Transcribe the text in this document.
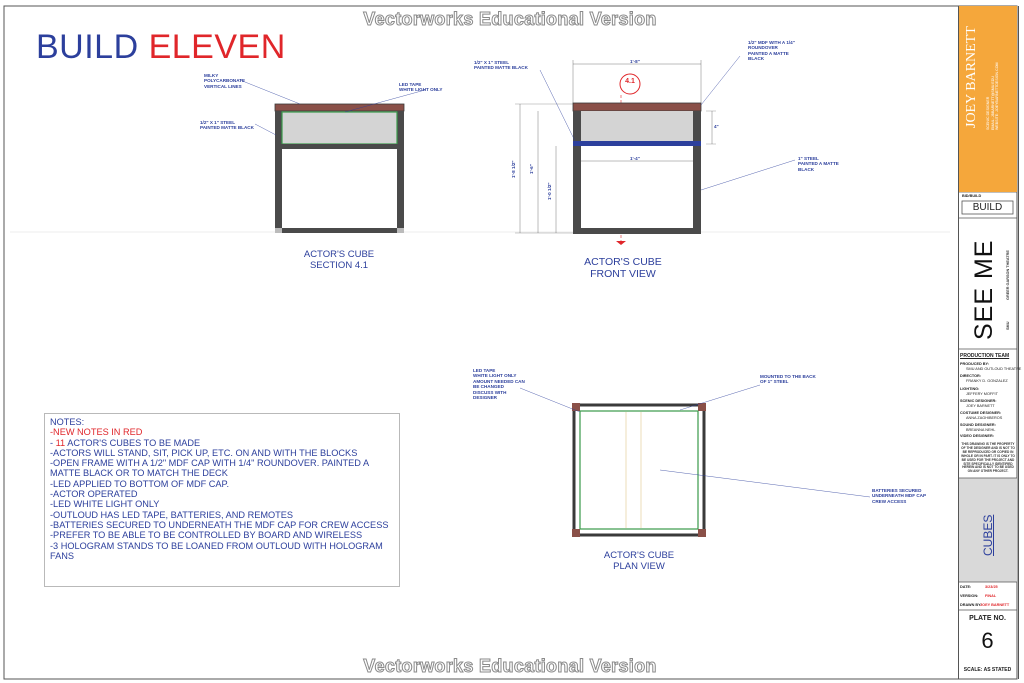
Vectorworks Educational Version
Vectorworks Educational Version
BUILD ELEVEN
MILKY
POLYCARBONATE
VERTICAL LINES	LED TAPE
WHITE LIGHT ONLY
1/2" X 1" STEEL
PAINTED MATTE BLACK
ACTOR'S CUBE
SECTION 4.1
1/2" X 1" STEEL
PAINTED MATTE BLACK
1/2" MDF WITH A 1/4"
ROUNDOVER
PAINTED A MATTE
BLACK
1" STEEL
PAINTED A MATTE
BLACK
4.1
1'-8"
1'-4"
4"
1'-8 1/2"	1'-6"
1'-0 1/2"
ACTOR'S CUBE
FRONT VIEW
LED TAPE
WHITE LIGHT ONLY
AMOUNT NEEDED CAN
BE CHANGED
DISCUSS WITH
DESIGNER
MOUNTED TO THE BACK
OF 1" STEEL
BATTERIES SECURED
UNDERNEATH MDF CAP
CREW ACCESS
ACTOR'S CUBE
PLAN VIEW
NOTES:
-NEW NOTES IN RED
- 11 ACTOR'S CUBES TO BE MADE
-ACTORS WILL STAND, SIT, PICK UP, ETC. ON AND WITH THE BLOCKS
-OPEN FRAME WITH A 1/2" MDF CAP WITH 1/4" ROUNDOVER. PAINTED A MATTE BLACK OR TO MATCH THE DECK
-LED APPLIED TO BOTTOM OF MDF CAP.
-ACTOR OPERATED
-LED WHITE LIGHT ONLY
-OUTLOUD HAS LED TAPE, BATTERIES, AND REMOTES
-BATTERIES SECURED TO UNDERNEATH THE MDF CAP FOR CREW ACCESS
-PREFER TO BE ABLE TO BE CONTROLLED BY BOARD AND WIRELESS
-3 HOLOGRAM STANDS TO BE LOANED FROM OUTLOUD WITH HOLOGRAM FANS
JOEY BARNETT SCENIC DESIGNER EMAIL: JBBARNETT@SMU.EDU WEBSITE: JOEYBARNETTDESIGN.COM
BID/BUILD
BUILD
SEE ME GREER GARSON THEATRE
SMU
PRODUCTION TEAM
PRODUCED BY:
SMU AND OUTLOUD THEATRE
DIRECTOR:
FRANKY D. GONZALEZ
LIGHTING:
JEFFERY MOFFIT
SCENIC DESIGNER:
JOEY BARNETT
COSTUME DESIGNER:
ANNA ZAGHIBEROS
SOUND DESIGNER:
BREANNA NEHL
VIDEO DESIGNER:
THIS DRAWING IS THE PROPERTY OF THE DESIGNER AND IS NOT TO BE REPRODUCED OR COPIED IN WHOLE OR IN PART. IT IS ONLY TO BE USED FOR THE PROJECT AND SITE SPECIFICALLY IDENTIFIED HEREIN AND IS NOT TO BE USED ON ANY OTHER PROJECT.
CUBES
DATE:	3/23/25
VERSION: FINAL
DRAWN BY:
JOEY BARNETT
PLATE NO.
6
SCALE: AS STATED
